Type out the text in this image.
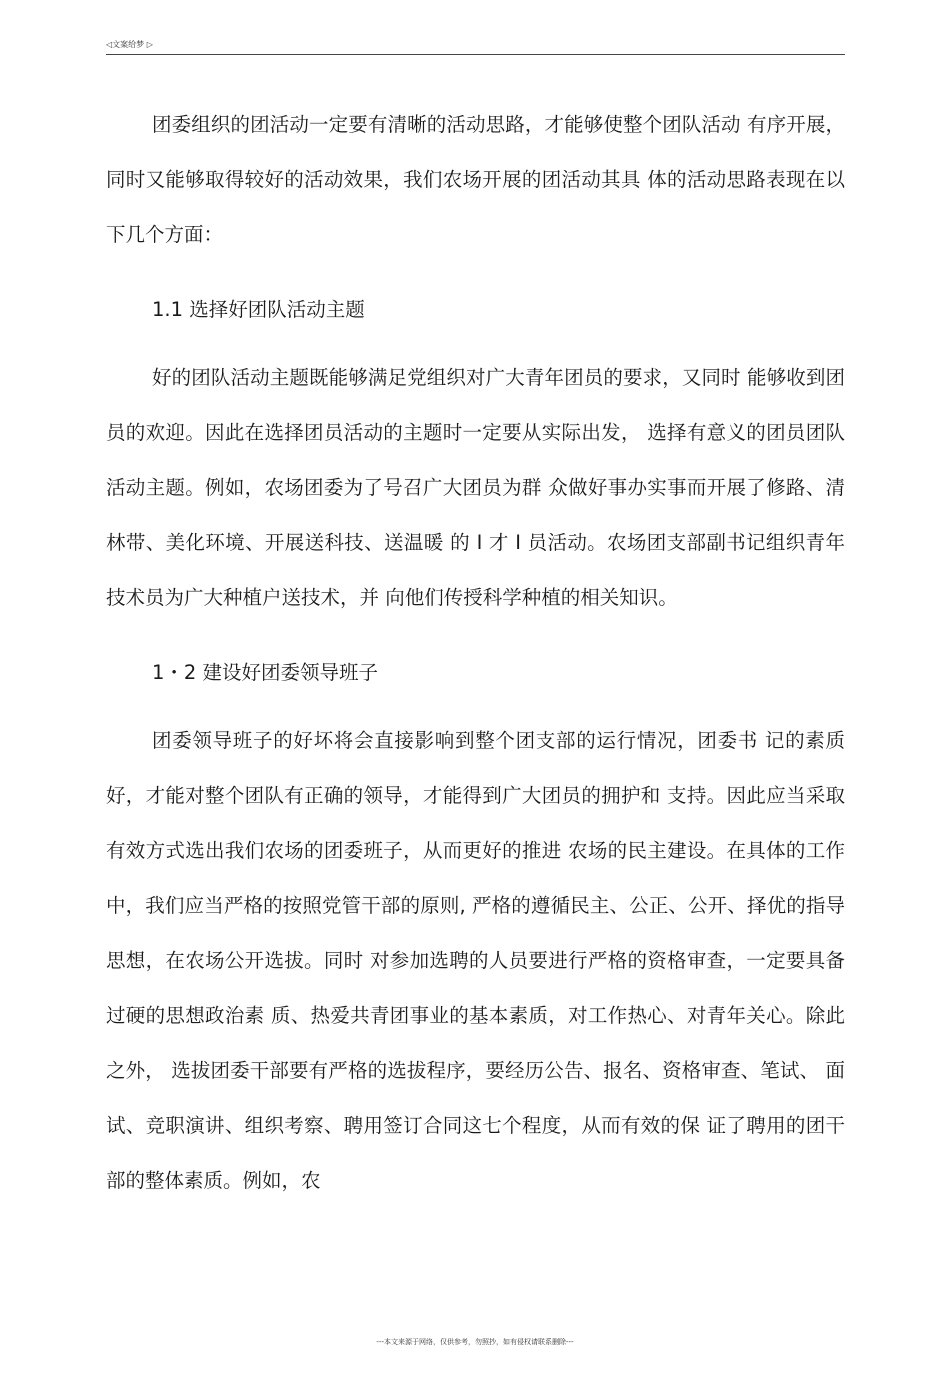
◁文案给梦 ▷

团委组织的团活动一定要有清晰的活动思路，才能够使整个团队活动 有序开展，同时又能够取得较好的活动效果，我们农场开展的团活动其具 体的活动思路表现在以下几个方面：

1.1 选择好团队活动主题

好的团队活动主题既能够满足党组织对广大青年团员的要求，又同时 能够收到团员的欢迎。因此在选择团员活动的主题时一定要从实际出发， 选择有意义的团员团队活动主题。例如，农场团委为了号召广大团员为群 众做好事办实事而开展了修路、清林带、美化环境、开展送科技、送温暖 的 I 才 I 员活动。农场团支部副书记组织青年技术员为广大种植户送技术，并 向他们传授科学种植的相关知识。

1・2 建设好团委领导班子

团委领导班子的好坏将会直接影响到整个团支部的运行情况，团委书 记的素质好，才能对整个团队有正确的领导，才能得到广大团员的拥护和 支持。因此应当采取有效方式选出我们农场的团委班子，从而更好的推进 农场的民主建设。在具体的工作中，我们应当严格的按照党管干部的原则, 严格的遵循民主、公正、公开、择优的指导思想，在农场公开选拔。同时 对参加选聘的人员要进行严格的资格审查，一定要具备过硬的思想政治素 质、热爱共青团事业的基本素质，对工作热心、对青年关心。除此之外， 选拔团委干部要有严格的选拔程序，要经历公告、报名、资格审查、笔试、 面试、竞职演讲、组织考察、聘用签订合同这七个程度，从而有效的保 证了聘用的团干部的整体素质。例如，农

---本文来源于网络，仅供参考，勿照抄，如有侵权请联系删除---
